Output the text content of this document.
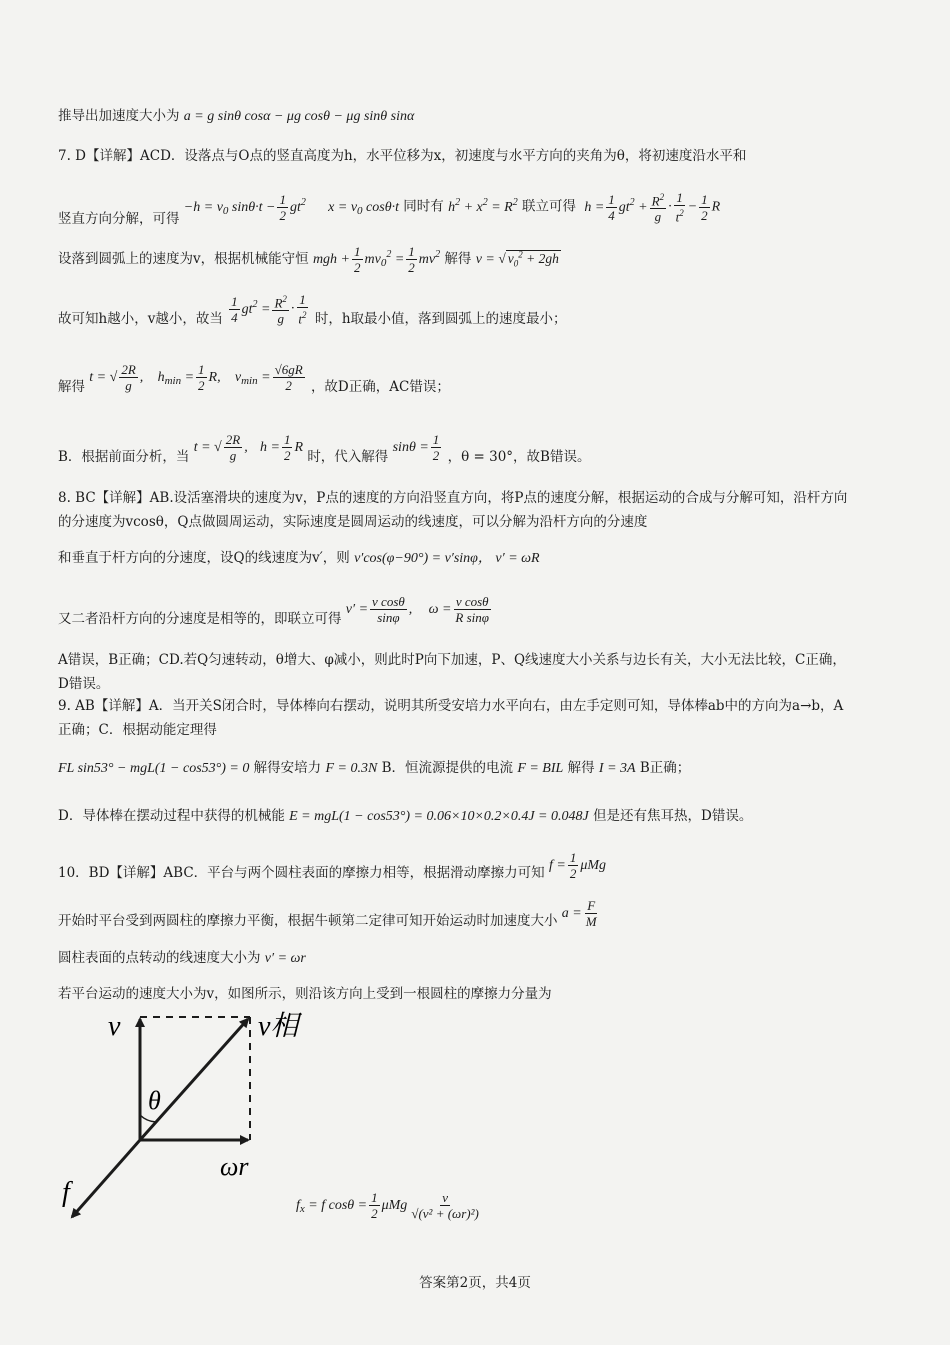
推导出加速度大小为 a = g sinθ cosα − μg cosθ − μg sinθ sinα
7. D【详解】ACD．设落点与O点的竖直高度为h，水平位移为x，初速度与水平方向的夹角为θ，将初速度沿水平和
竖直方向分解，可得 $-h = v_0$ $\sin\theta\cdot t - \frac{1}{2} gt^2$ $x = v_0$ cosθ·t 同时有 $h^2 + x^2 = R^2$ 联立可得 $h = \frac{1}{4} gt^2 + \frac{R^2}{g} \cdot \frac{1}{t^2} - \frac{1}{2}$ R
设落到圆弧上的速度为v，根据机械能守恒 mgh + $\frac{1}{2} mv_0^2 = \frac{1}{2} mv^2$ 解得 v = √ $v_0^2 + 2gh$
故可知h越小，v越小，故当 $\frac{1}{4} gt^2 = \frac{R^2}{g} \cdot \frac{1}{t^2}$ 时，h取最小值，落到圆弧上的速度最小；
解得 t = √ $\frac{2R}{g}$ , $h_{min} = \frac{1}{2} R$, $v_{min} = \frac{√6gR}{2}$ ，故D正确，AC错误；
B．根据前面分析，当 t = √ $\frac{2R}{g}$ , $h = \frac{1}{2}$ R 时，代入解得 $\sin\theta = \frac{1}{2}$ ，θ = 30°，故B错误。
8. BC【详解】AB.设活塞滑块的速度为v，P点的速度的方向沿竖直方向，将P点的速度分解，根据运动的合成与分解可知，沿杆方向的分速度为vcosθ，Q点做圆周运动，实际速度是圆周运动的线速度，可以分解为沿杆方向的分速度
和垂直于杆方向的分速度，设Q的线速度为v′，则 v′cos(φ−90°) = v′sinφ， v′ = ωR
又二者沿杆方向的分速度是相等的，即联立可得 $v' = \frac{\text{v cosθ}}{\sin\varphi}$ , $\omega = \frac{\text{v cosθ}}{\text{R sinφ}}$
A错误，B正确；CD.若Q匀速转动，θ增大、φ减小，则此时P向下加速，P、Q线速度大小关系与边长有关，大小无法比较，C正确，D错误。
9. AB【详解】A．当开关S闭合时，导体棒向右摆动，说明其所受安培力水平向右，由左手定则可知，导体棒ab中的方向为a→b，A正确；C．根据动能定理得
FL sin53° − mgL(1 − cos53°) = 0 解得安培力 F = 0.3N B．恒流源提供的电流 F = BIL 解得 I = 3A B正确；
D．导体棒在摆动过程中获得的机械能 E = mgL(1 − cos53°) = 0.06×10×0.2×0.4J = 0.048J 但是还有焦耳热，D错误。
10．BD【详解】ABC．平台与两个圆柱表面的摩擦力相等，根据滑动摩擦力可知 $f = \frac{1}{2}$ μMg
开始时平台受到两圆柱的摩擦力平衡，根据牛顿第二定律可知开始运动时加速度大小 $a = \frac{F}{M}$
圆柱表面的点转动的线速度大小为 v′ = ωr
若平台运动的速度大小为v，如图所示，则沿该方向上受到一根圆柱的摩擦力分量为
v	v相
θ
ωr
f	$f_x = f$ $\cos\theta = \frac{1}{2}$ μMg $\frac{v}{\text{√(v² + (ωr)²)}}$
答案第2页，共4页
